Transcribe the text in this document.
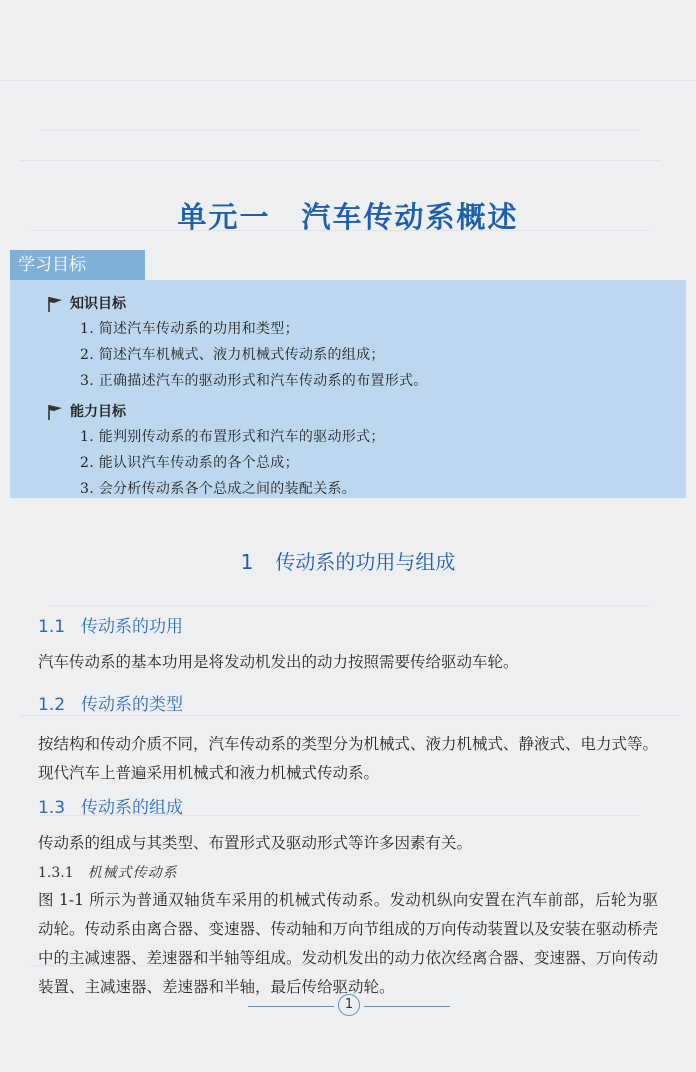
单元一　汽车传动系概述
学习目标
知识目标
1. 简述汽车传动系的功用和类型；
2. 简述汽车机械式、液力机械式传动系的组成；
3. 正确描述汽车的驱动形式和汽车传动系的布置形式。
能力目标
1. 能判别传动系的布置形式和汽车的驱动形式；
2. 能认识汽车传动系的各个总成；
3. 会分析传动系各个总成之间的装配关系。
1 传动系的功用与组成
1.1 传动系的功用
汽车传动系的基本功用是将发动机发出的动力按照需要传给驱动车轮。
1.2 传动系的类型
按结构和传动介质不同，汽车传动系的类型分为机械式、液力机械式、静液式、电力式等。现代汽车上普遍采用机械式和液力机械式传动系。
1.3 传动系的组成
传动系的组成与其类型、布置形式及驱动形式等许多因素有关。
1.3.1 机械式传动系
图 1-1 所示为普通双轴货车采用的机械式传动系。发动机纵向安置在汽车前部，后轮为驱动轮。传动系由离合器、变速器、传动轴和万向节组成的万向传动装置以及安装在驱动桥壳中的主减速器、差速器和半轴等组成。发动机发出的动力依次经离合器、变速器、万向传动装置、主减速器、差速器和半轴，最后传给驱动轮。
1
